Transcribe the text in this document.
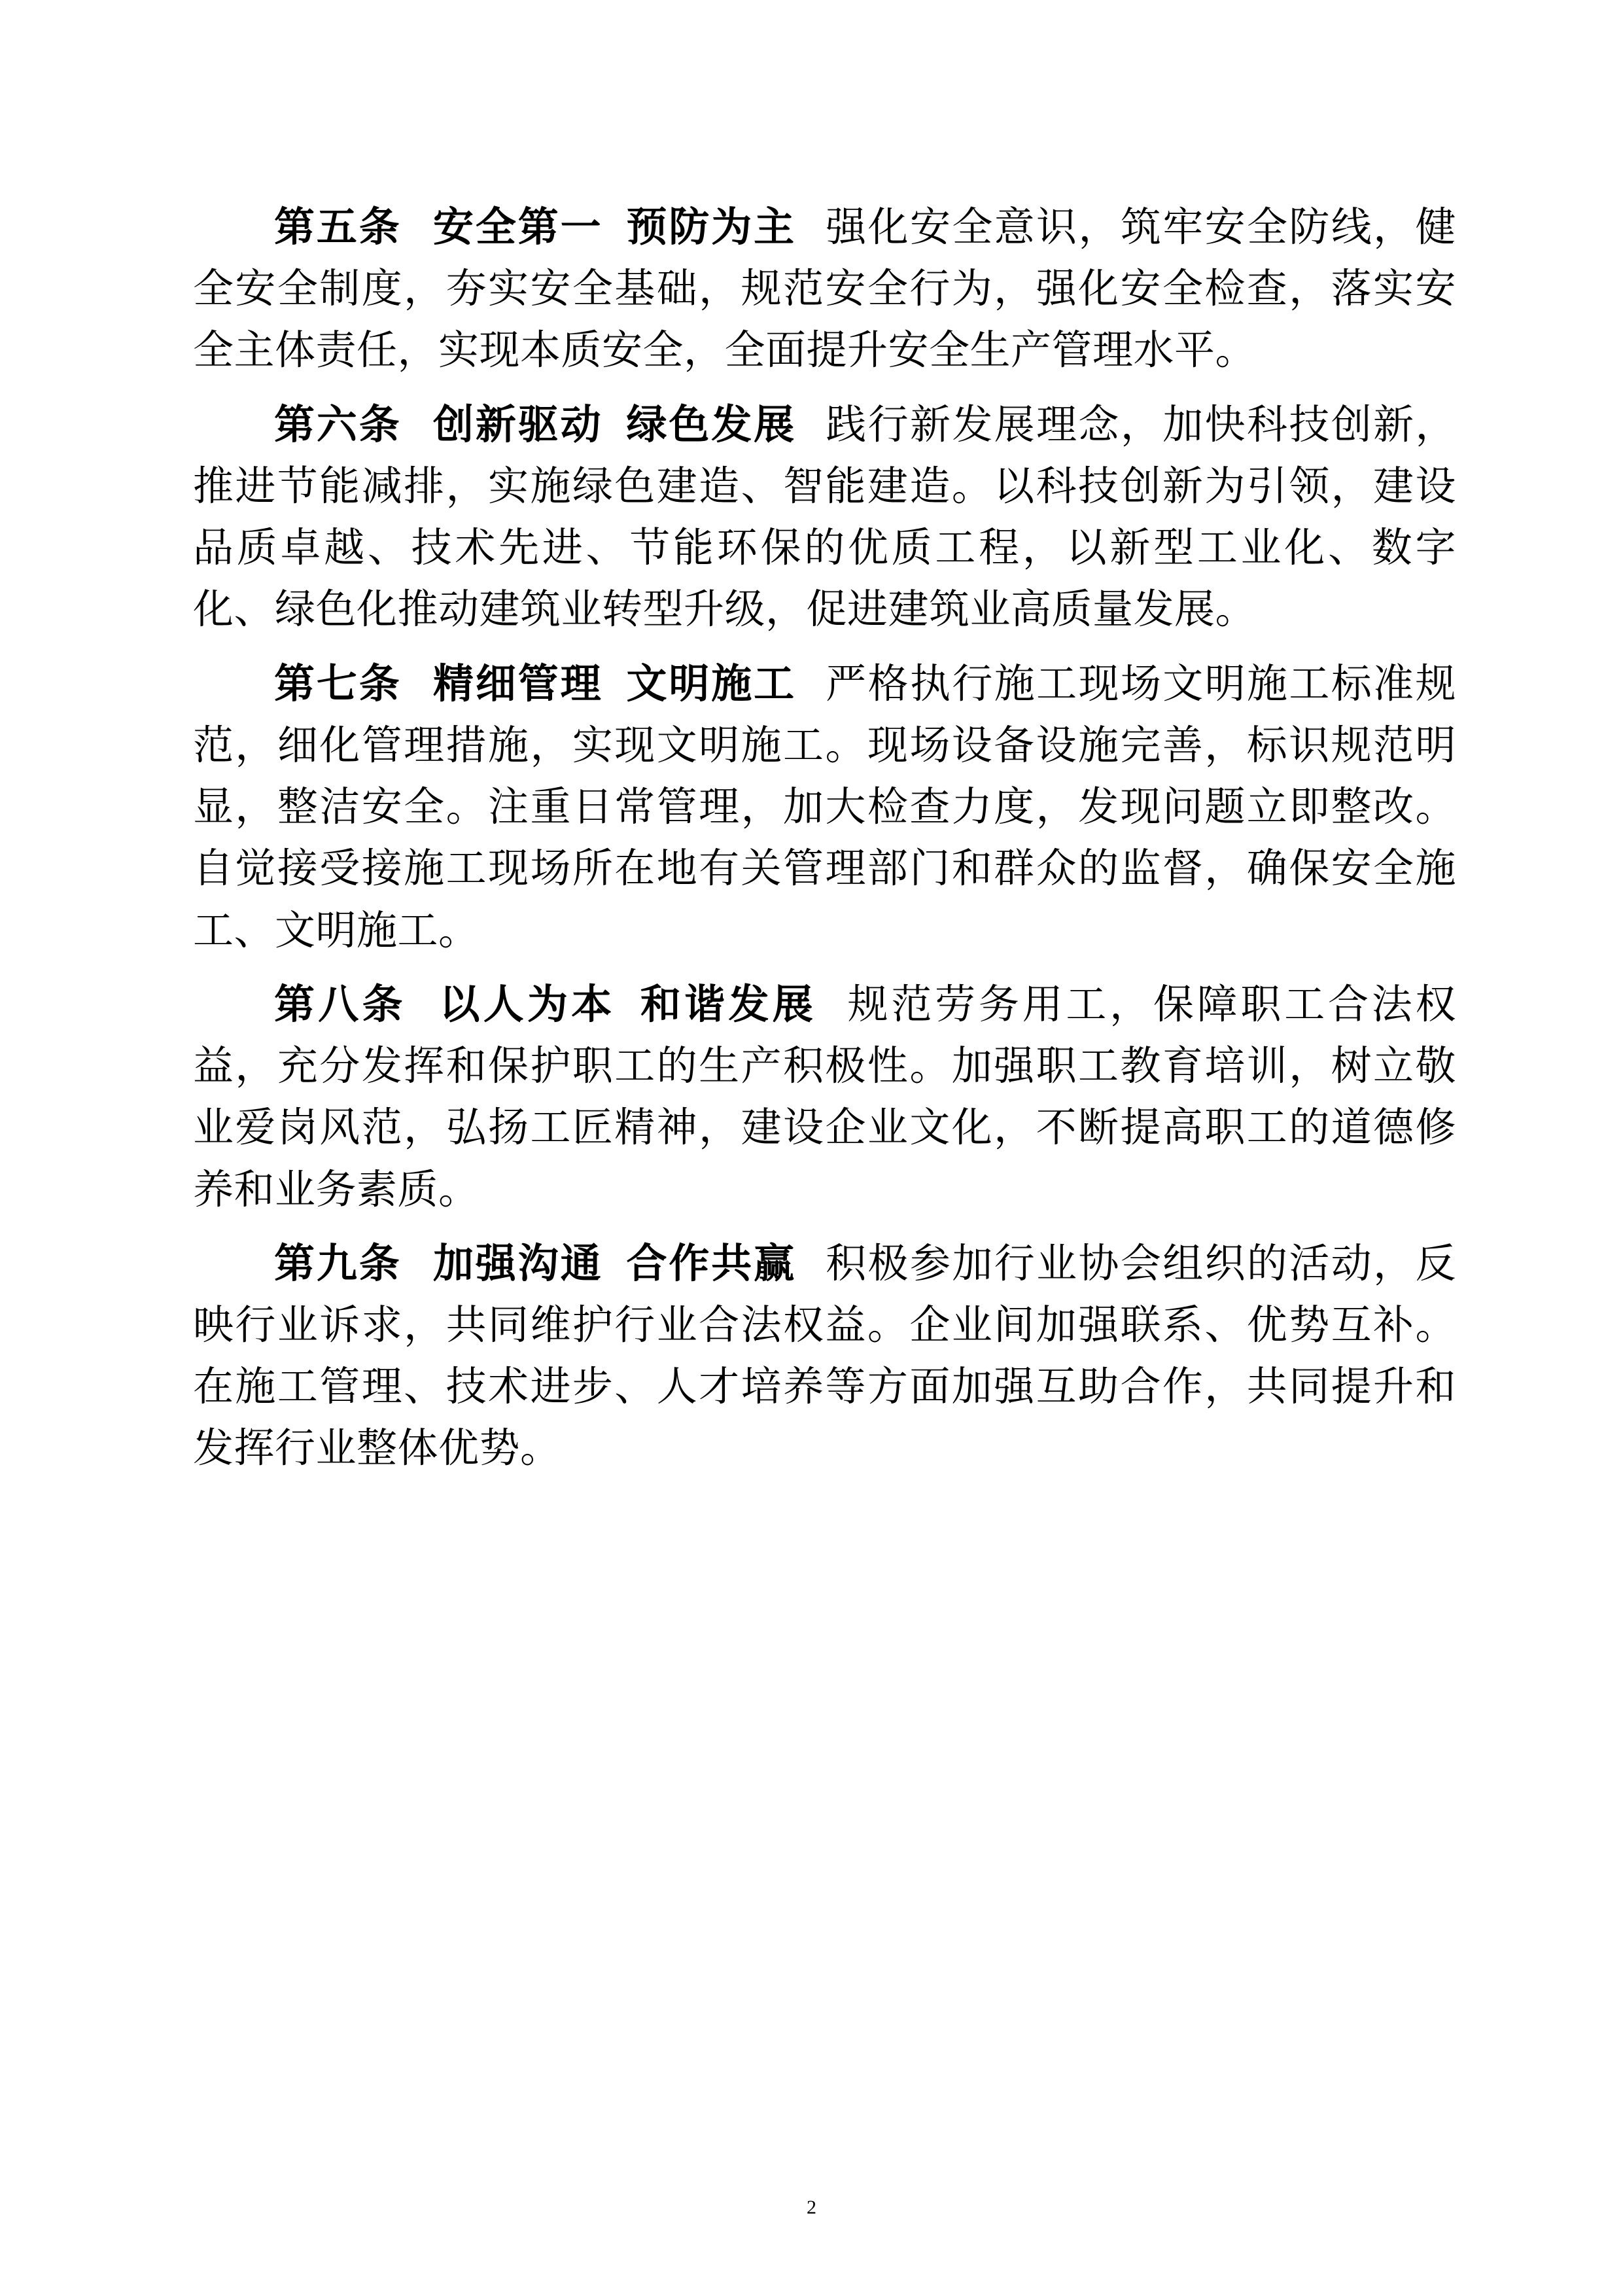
第五条 安全第一 预防为主 强化安全意识，筑牢安全防线，健全安全制度，夯实安全基础，规范安全行为，强化安全检查，落实安全主体责任，实现本质安全，全面提升安全生产管理水平。

第六条 创新驱动 绿色发展 践行新发展理念，加快科技创新，推进节能减排，实施绿色建造、智能建造。以科技创新为引领，建设品质卓越、技术先进、节能环保的优质工程，以新型工业化、数字化、绿色化推动建筑业转型升级，促进建筑业高质量发展。

第七条 精细管理 文明施工 严格执行施工现场文明施工标准规范，细化管理措施，实现文明施工。现场设备设施完善，标识规范明显，整洁安全。注重日常管理，加大检查力度，发现问题立即整改。自觉接受接施工现场所在地有关管理部门和群众的监督，确保安全施工、文明施工。

第八条 以人为本 和谐发展 规范劳务用工，保障职工合法权益，充分发挥和保护职工的生产积极性。加强职工教育培训，树立敬业爱岗风范，弘扬工匠精神，建设企业文化，不断提高职工的道德修养和业务素质。

第九条 加强沟通 合作共赢 积极参加行业协会组织的活动，反映行业诉求，共同维护行业合法权益。企业间加强联系、优势互补。在施工管理、技术进步、人才培养等方面加强互助合作，共同提升和发挥行业整体优势。

2
